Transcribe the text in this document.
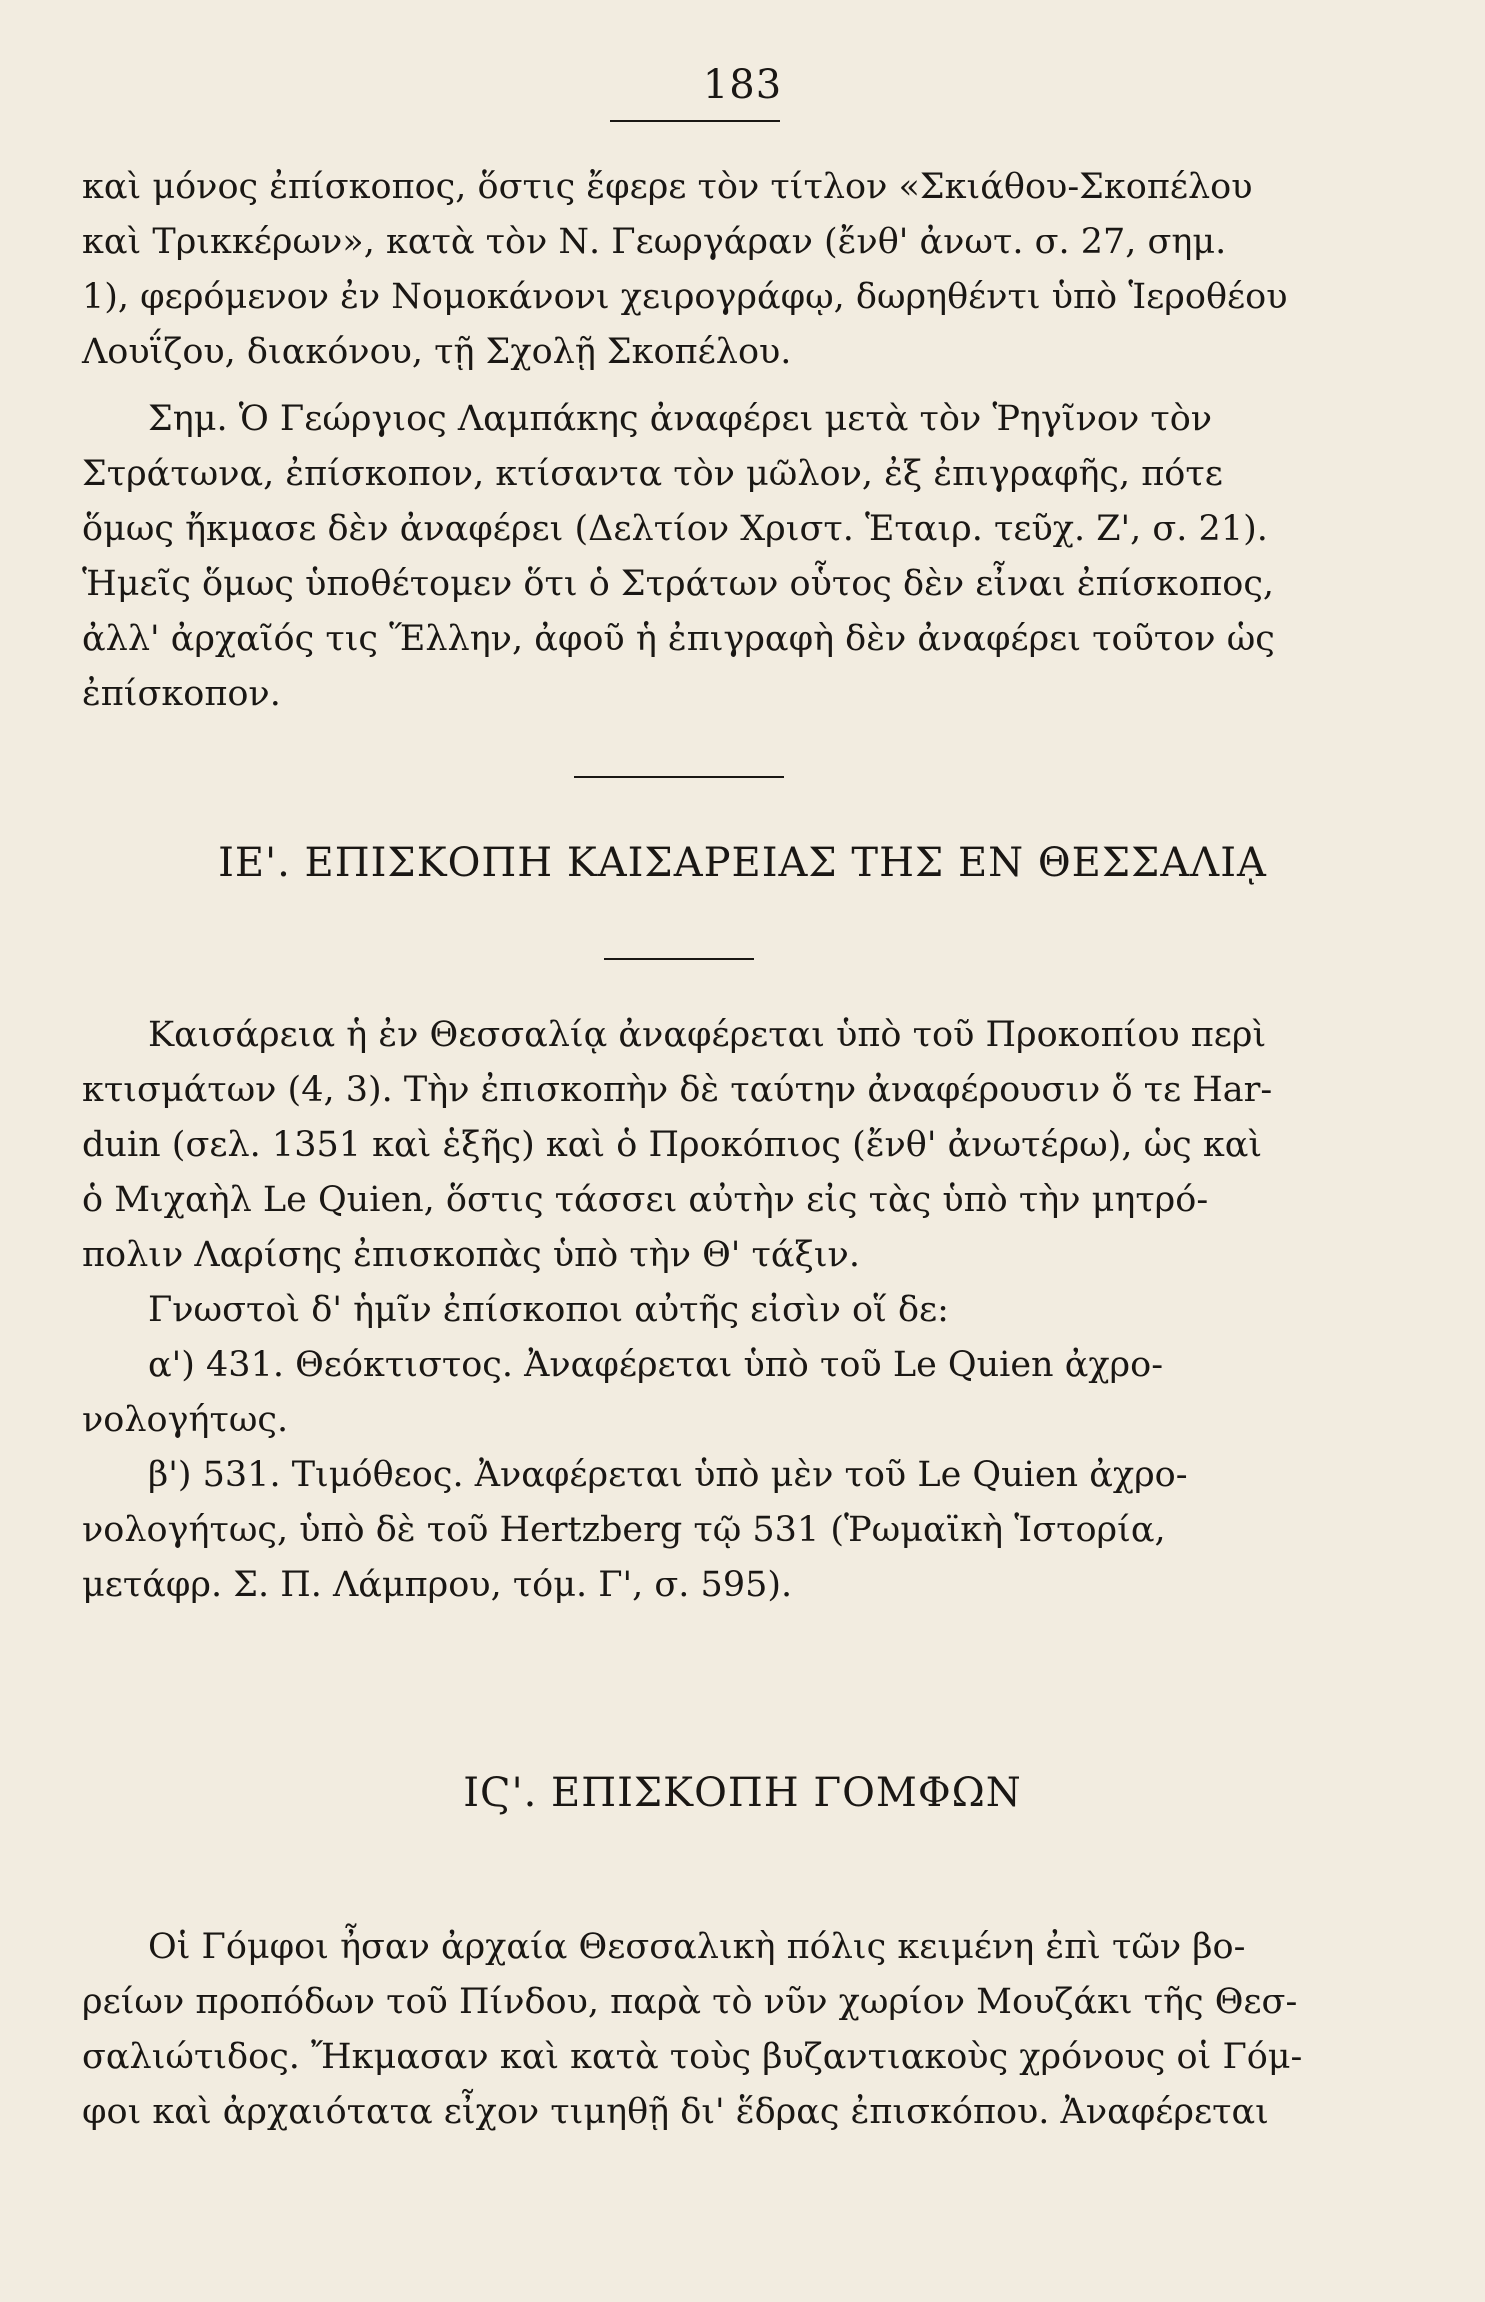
183

καὶ μόνος ἐπίσκοπος, ὅστις ἔφερε τὸν τίτλον «Σκιάθου-Σκοπέλου
καὶ Τρικκέρων», κατὰ τὸν Ν. Γεωργάραν (ἔνθ' ἀνωτ. σ. 27, σημ.
1), φερόμενον ἐν Νομοκάνονι χειρογράφῳ, δωρηθέντι ὑπὸ Ἱεροθέου
Λουΐζου, διακόνου, τῇ Σχολῇ Σκοπέλου.

Σημ. Ὁ Γεώργιος Λαμπάκης ἀναφέρει μετὰ τὸν Ῥηγῖνον τὸν
Στράτωνα, ἐπίσκοπον, κτίσαντα τὸν μῶλον, ἐξ ἐπιγραφῆς, πότε
ὅμως ἤκμασε δὲν ἀναφέρει (Δελτίον Χριστ. Ἑταιρ. τεῦχ. Ζ', σ. 21).
Ἡμεῖς ὅμως ὑποθέτομεν ὅτι ὁ Στράτων οὗτος δὲν εἶναι ἐπίσκοπος,
ἀλλ' ἀρχαῖός τις Ἕλλην, ἀφοῦ ἡ ἐπιγραφὴ δὲν ἀναφέρει τοῦτον ὡς
ἐπίσκοπον.

ΙΕ'. ΕΠΙΣΚΟΠΗ ΚΑΙΣΑΡΕΙΑΣ ΤΗΣ ΕΝ ΘΕΣΣΑΛΙᾼ

Καισάρεια ἡ ἐν Θεσσαλίᾳ ἀναφέρεται ὑπὸ τοῦ Προκοπίου περὶ
κτισμάτων (4, 3). Τὴν ἐπισκοπὴν δὲ ταύτην ἀναφέρουσιν ὅ τε Har-
duin (σελ. 1351 καὶ ἑξῆς) καὶ ὁ Προκόπιος (ἔνθ' ἀνωτέρω), ὡς καὶ
ὁ Μιχαὴλ Le Quien, ὅστις τάσσει αὐτὴν εἰς τὰς ὑπὸ τὴν μητρό-
πολιν Λαρίσης ἐπισκοπὰς ὑπὸ τὴν Θ' τάξιν.

Γνωστοὶ δ' ἡμῖν ἐπίσκοποι αὐτῆς εἰσὶν οἵ δε:

α') 431. Θεόκτιστος. Ἀναφέρεται ὑπὸ τοῦ Le Quien ἀχρο-
νολογήτως.

β') 531. Τιμόθεος. Ἀναφέρεται ὑπὸ μὲν τοῦ Le Quien ἀχρο-
νολογήτως, ὑπὸ δὲ τοῦ Hertzberg τῷ 531 (Ῥωμαϊκὴ Ἱστορία,
μετάφρ. Σ. Π. Λάμπρου, τόμ. Γ', σ. 595).

ΙϚ'. ΕΠΙΣΚΟΠΗ ΓΟΜΦΩΝ

Οἱ Γόμφοι ἦσαν ἀρχαία Θεσσαλικὴ πόλις κειμένη ἐπὶ τῶν βο-
ρείων προπόδων τοῦ Πίνδου, παρὰ τὸ νῦν χωρίον Μουζάκι τῆς Θεσ-
σαλιώτιδος. Ἤκμασαν καὶ κατὰ τοὺς βυζαντιακοὺς χρόνους οἱ Γόμ-
φοι καὶ ἀρχαιότατα εἶχον τιμηθῇ δι' ἕδρας ἐπισκόπου. Ἀναφέρεται
